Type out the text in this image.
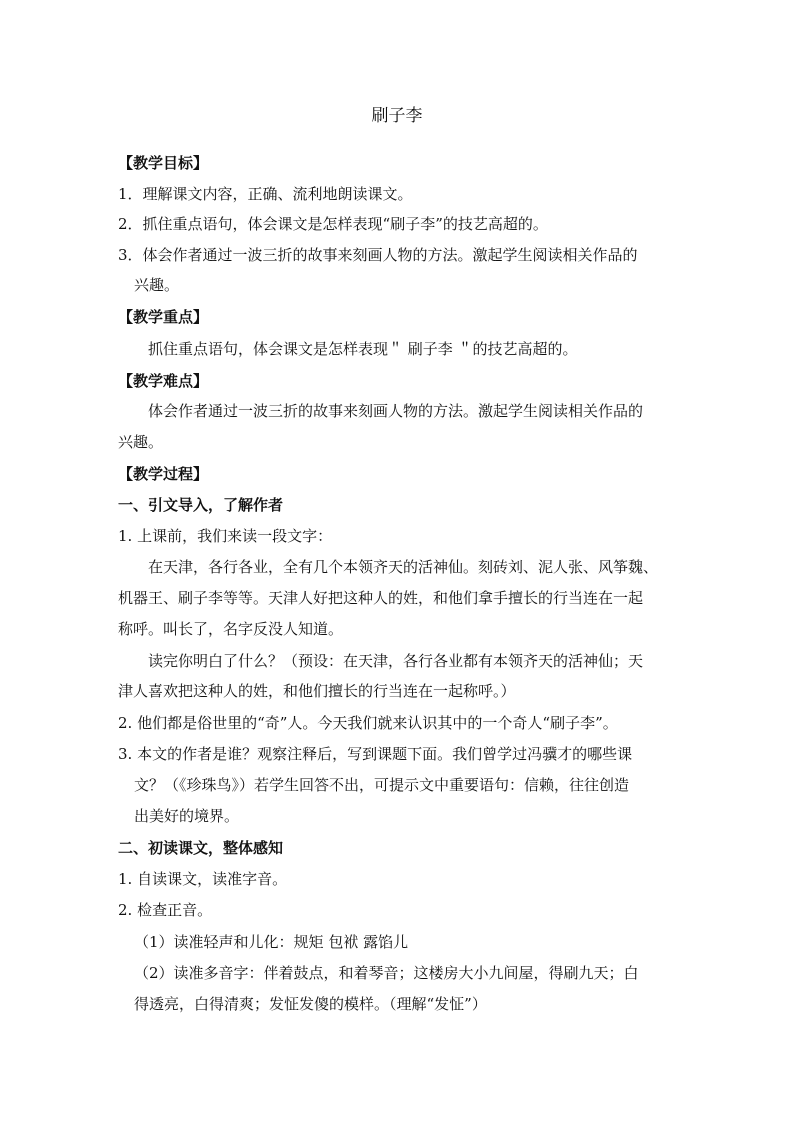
刷子李
【教学目标】
1．理解课文内容，正确、流利地朗读课文。
2．抓住重点语句，体会课文是怎样表现“刷子李”的技艺高超的。
3．体会作者通过一波三折的故事来刻画人物的方法。激起学生阅读相关作品的
兴趣。
【教学重点】
抓住重点语句，体会课文是怎样表现＂ 刷子李 ＂的技艺高超的。
【教学难点】
体会作者通过一波三折的故事来刻画人物的方法。激起学生阅读相关作品的
兴趣。
【教学过程】
一、引文导入，了解作者
1. 上课前，我们来读一段文字：
在天津，各行各业，全有几个本领齐天的活神仙。刻砖刘、泥人张、风筝魏、
机器王、刷子李等等。天津人好把这种人的姓，和他们拿手擅长的行当连在一起
称呼。叫长了，名字反没人知道。
读完你明白了什么？（预设：在天津，各行各业都有本领齐天的活神仙；天
津人喜欢把这种人的姓，和他们擅长的行当连在一起称呼。）
2. 他们都是俗世里的“奇”人。今天我们就来认识其中的一个奇人“刷子李”。
3. 本文的作者是谁？观察注释后，写到课题下面。我们曾学过冯骥才的哪些课
文？（《珍珠鸟》）若学生回答不出，可提示文中重要语句：信赖，往往创造
出美好的境界。
二、初读课文，整体感知
1. 自读课文，读准字音。
2. 检查正音。
（1）读准轻声和儿化：规矩 包袱 露馅儿
（2）读准多音字：伴着鼓点，和着琴音；这楼房大小九间屋，得刷九天；白
得透亮，白得清爽；发怔发傻的模样。（理解“发怔”）
